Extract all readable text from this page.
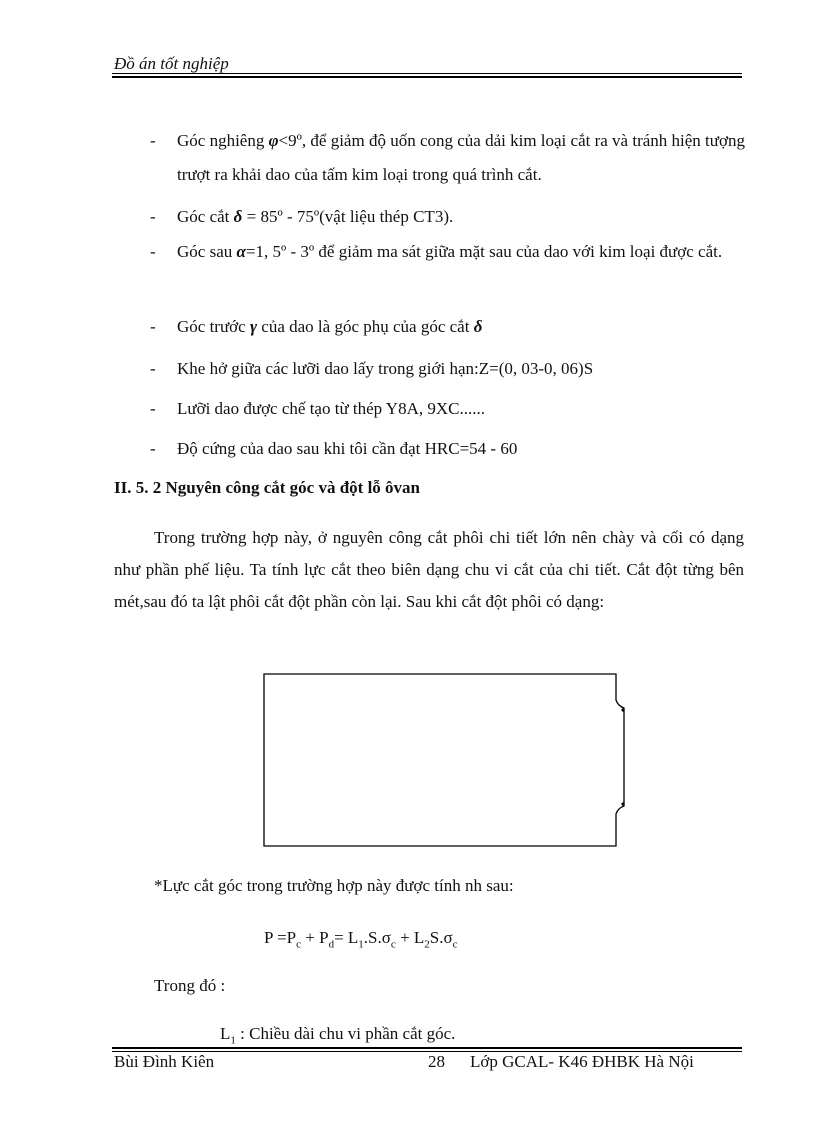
Đồ án tốt nghiệp
- Góc nghiêng φ<9º, để giảm độ uốn cong của dải kim loại cắt ra và tránh hiện tượng trượt ra khải dao của tấm kim loại trong quá trình cắt.
- Góc cắt δ = 85º - 75º(vật liệu thép CT3).
- Góc sau α=1, 5º - 3º để giảm ma sát giữa mặt sau của dao với kim loại được cắt.
- Góc trước γ của dao là góc phụ của góc cắt δ
- Khe hở giữa các lưỡi dao lấy trong giới hạn:Z=(0, 03-0, 06)S
- Lưỡi dao được chế tạo từ thép Y8A, 9XC......
- Độ cứng của dao sau khi tôi cần đạt HRC=54 - 60
II. 5. 2 Nguyên công cắt góc và đột lỗ ôvan
Trong trường hợp này, ở nguyên công cắt phôi chi tiết lớn nên chày và cối có dạng như phần phế liệu. Ta tính lực cắt theo biên dạng chu vi cắt của chi tiết. Cắt đột từng bên mét,sau đó ta lật phôi cắt đột phần còn lại. Sau khi cắt đột phôi có dạng:
*Lực cắt góc trong trường hợp này được tính nh sau:
$P =P_c + P_d= L_1.S.\sigma_c + L_2S.\sigma_c$
Trong đó :
$L_1$ : Chiều dài chu vi phần cắt góc.
Bùi Đình Kiên	28 Lớp GCAL- K46 ĐHBK Hà Nội
